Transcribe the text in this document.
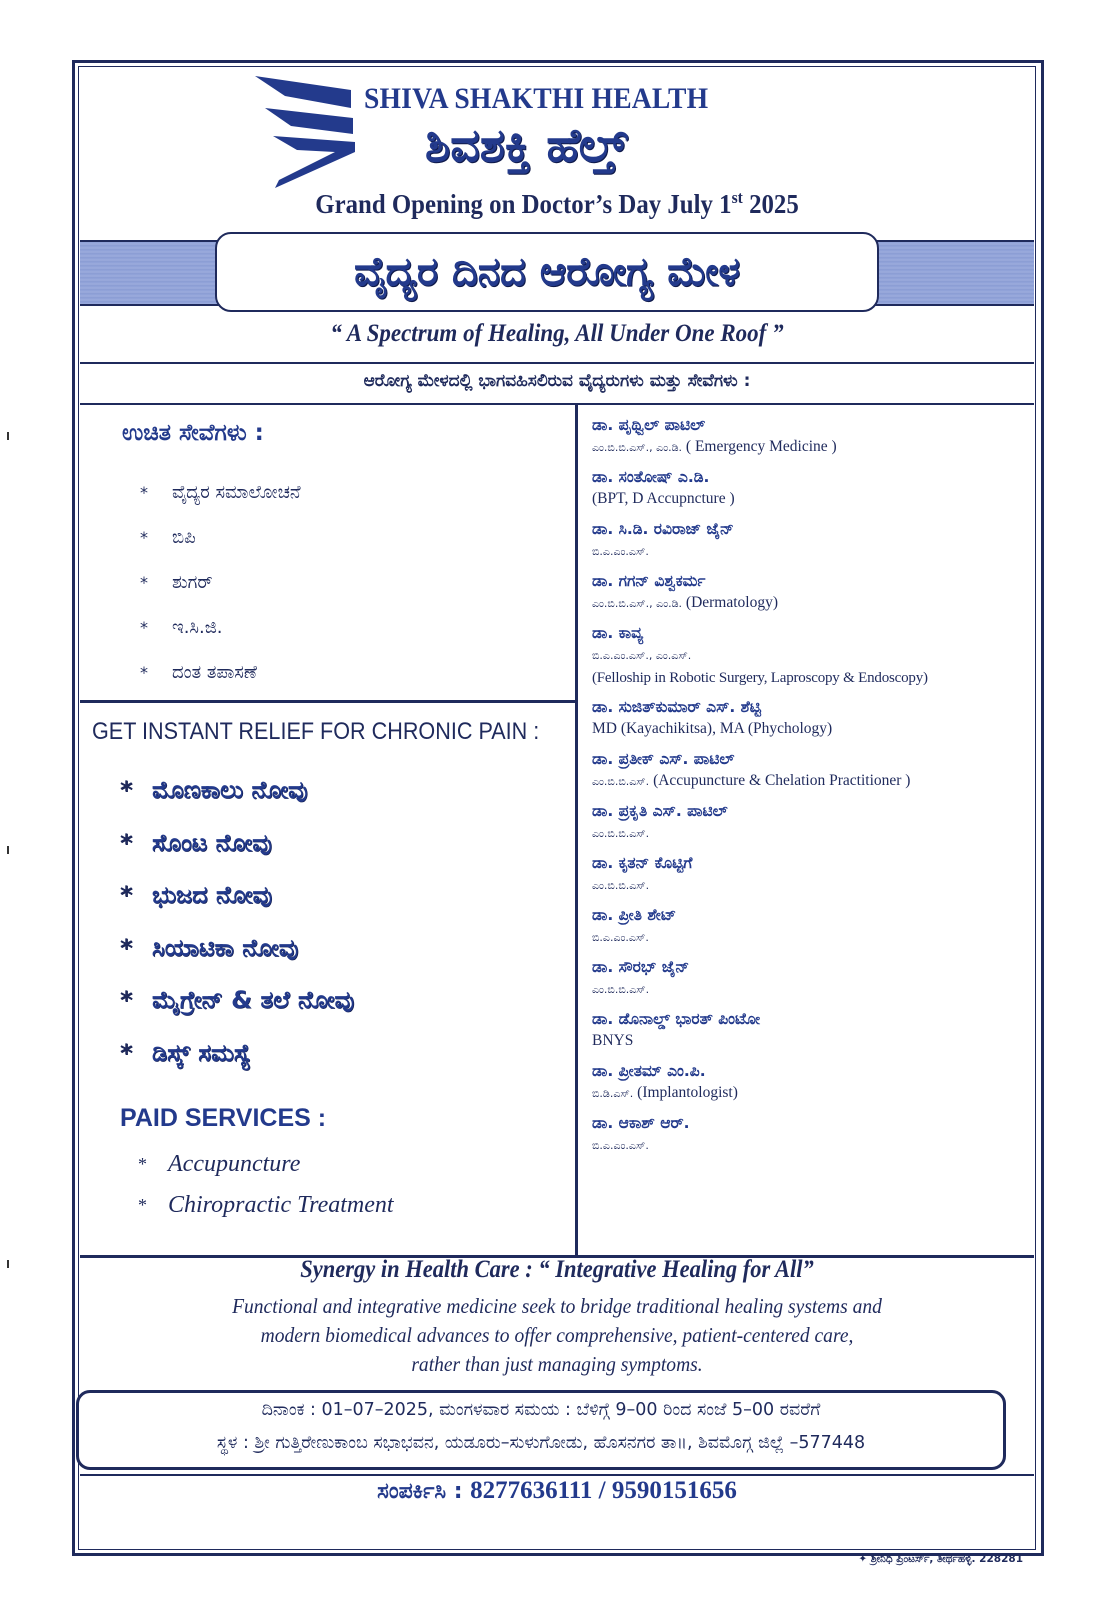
SHIVA SHAKTHI HEALTH
ಶಿವಶಕ್ತಿ ಹೆಲ್ತ್
Grand Opening on Doctor’s Day July 1st 2025
ವೈದ್ಯರ ದಿನದ ಆರೋಗ್ಯ ಮೇಳ
“ A Spectrum of Healing, All Under One Roof ”
ಆರೋಗ್ಯ ಮೇಳದಲ್ಲಿ ಭಾಗವಹಿಸಲಿರುವ ವೈದ್ಯರುಗಳು ಮತ್ತು ಸೇವೆಗಳು :
ಉಚಿತ ಸೇವೆಗಳು :
*	ವೈದ್ಯರ ಸಮಾಲೋಚನೆ
*	ಬಿಪಿ
*	ಶುಗರ್
*	ಇ.ಸಿ.ಜಿ.
*	ದಂತ ತಪಾಸಣೆ
GET INSTANT RELIEF FOR CHRONIC PAIN :
* ಮೊಣಕಾಲು ನೋವು
* ಸೊಂಟ ನೋವು
* ಭುಜದ ನೋವು
* ಸಿಯಾಟಿಕಾ ನೋವು
* ಮೈಗ್ರೇನ್ & ತಲೆ ನೋವು
* ಡಿಸ್ಕ್ ಸಮಸ್ಯೆ
PAID SERVICES :
* Accupuncture
* Chiropractic Treatment
ಡಾ. ಪೃಥ್ವಿಲ್ ಪಾಟಿಲ್
ಎಂ.ಬಿ.ಬಿ.ಎಸ್., ಎಂ.ಡಿ. ( Emergency Medicine )
ಡಾ. ಸಂತೋಷ್ ಎ.ಡಿ.
(BPT, D Accupncture )
ಡಾ. ಸಿ.ಡಿ. ರವಿರಾಜ್ ಜೈನ್
ಬಿ.ಎ.ಎಂ.ಎಸ್.
ಡಾ. ಗಗನ್ ವಿಶ್ವಕರ್ಮ
ಎಂ.ಬಿ.ಬಿ.ಎಸ್., ಎಂ.ಡಿ. (Dermatology)
ಡಾ. ಕಾವ್ಯ
ಬಿ.ಎ.ಎಂ.ಎಸ್., ಎಂ.ಎಸ್.
(Felloship in Robotic Surgery, Laproscopy & Endoscopy)
ಡಾ. ಸುಜಿತ್‌ಕುಮಾರ್ ಎಸ್. ಶೆಟ್ಟಿ
MD (Kayachikitsa), MA (Phychology)
ಡಾ. ಪ್ರತೀಕ್ ಎಸ್. ಪಾಟಿಲ್
ಎಂ.ಬಿ.ಬಿ.ಎಸ್. (Accupuncture & Chelation Practitioner )
ಡಾ. ಪ್ರಕೃತಿ ಎಸ್. ಪಾಟಿಲ್
ಎಂ.ಬಿ.ಬಿ.ಎಸ್.
ಡಾ. ಕೃತನ್ ಕೊಟ್ಟಿಗೆ
ಎಂ.ಬಿ.ಬಿ.ಎಸ್.
ಡಾ. ಪ್ರೀತಿ ಶೇಟ್
ಬಿ.ಎ.ಎಂ.ಎಸ್.
ಡಾ. ಸೌರಭ್ ಜೈನ್
ಎಂ.ಬಿ.ಬಿ.ಎಸ್.
ಡಾ. ಡೊನಾಲ್ಡ್ ಭಾರತ್ ಪಿಂಟೋ
BNYS
ಡಾ. ಪ್ರೀತಮ್ ಎಂ.ಪಿ.
ಬಿ.ಡಿ.ಎಸ್. (Implantologist)
ಡಾ. ಆಕಾಶ್ ಆರ್.
ಬಿ.ಎ.ಎಂ.ಎಸ್.
Synergy in Health Care : “ Integrative Healing for All”
Functional and integrative medicine seek to bridge traditional healing systems and
modern biomedical advances to offer comprehensive, patient-centered care,
rather than just managing symptoms.
ದಿನಾಂಕ : 01–07–2025, ಮಂಗಳವಾರ ಸಮಯ : ಬೆಳಿಗ್ಗೆ 9–00 ರಿಂದ ಸಂಜೆ 5–00 ರವರೆಗೆ
ಸ್ಥಳ : ಶ್ರೀ ಗುತ್ತಿರೇಣುಕಾಂಬ ಸಭಾಭವನ, ಯಡೂರು–ಸುಳುಗೋಡು, ಹೊಸನಗರ ತಾ॥, ಶಿವಮೊಗ್ಗ ಜಿಲ್ಲೆ –577448
ಸಂಪರ್ಕಿಸಿ : 8277636111 / 9590151656
✦ ಶ್ರೀನಿಧಿ ಪ್ರಿಂಟರ್ಸ್, ತೀರ್ಥಹಳ್ಳಿ. 228281
